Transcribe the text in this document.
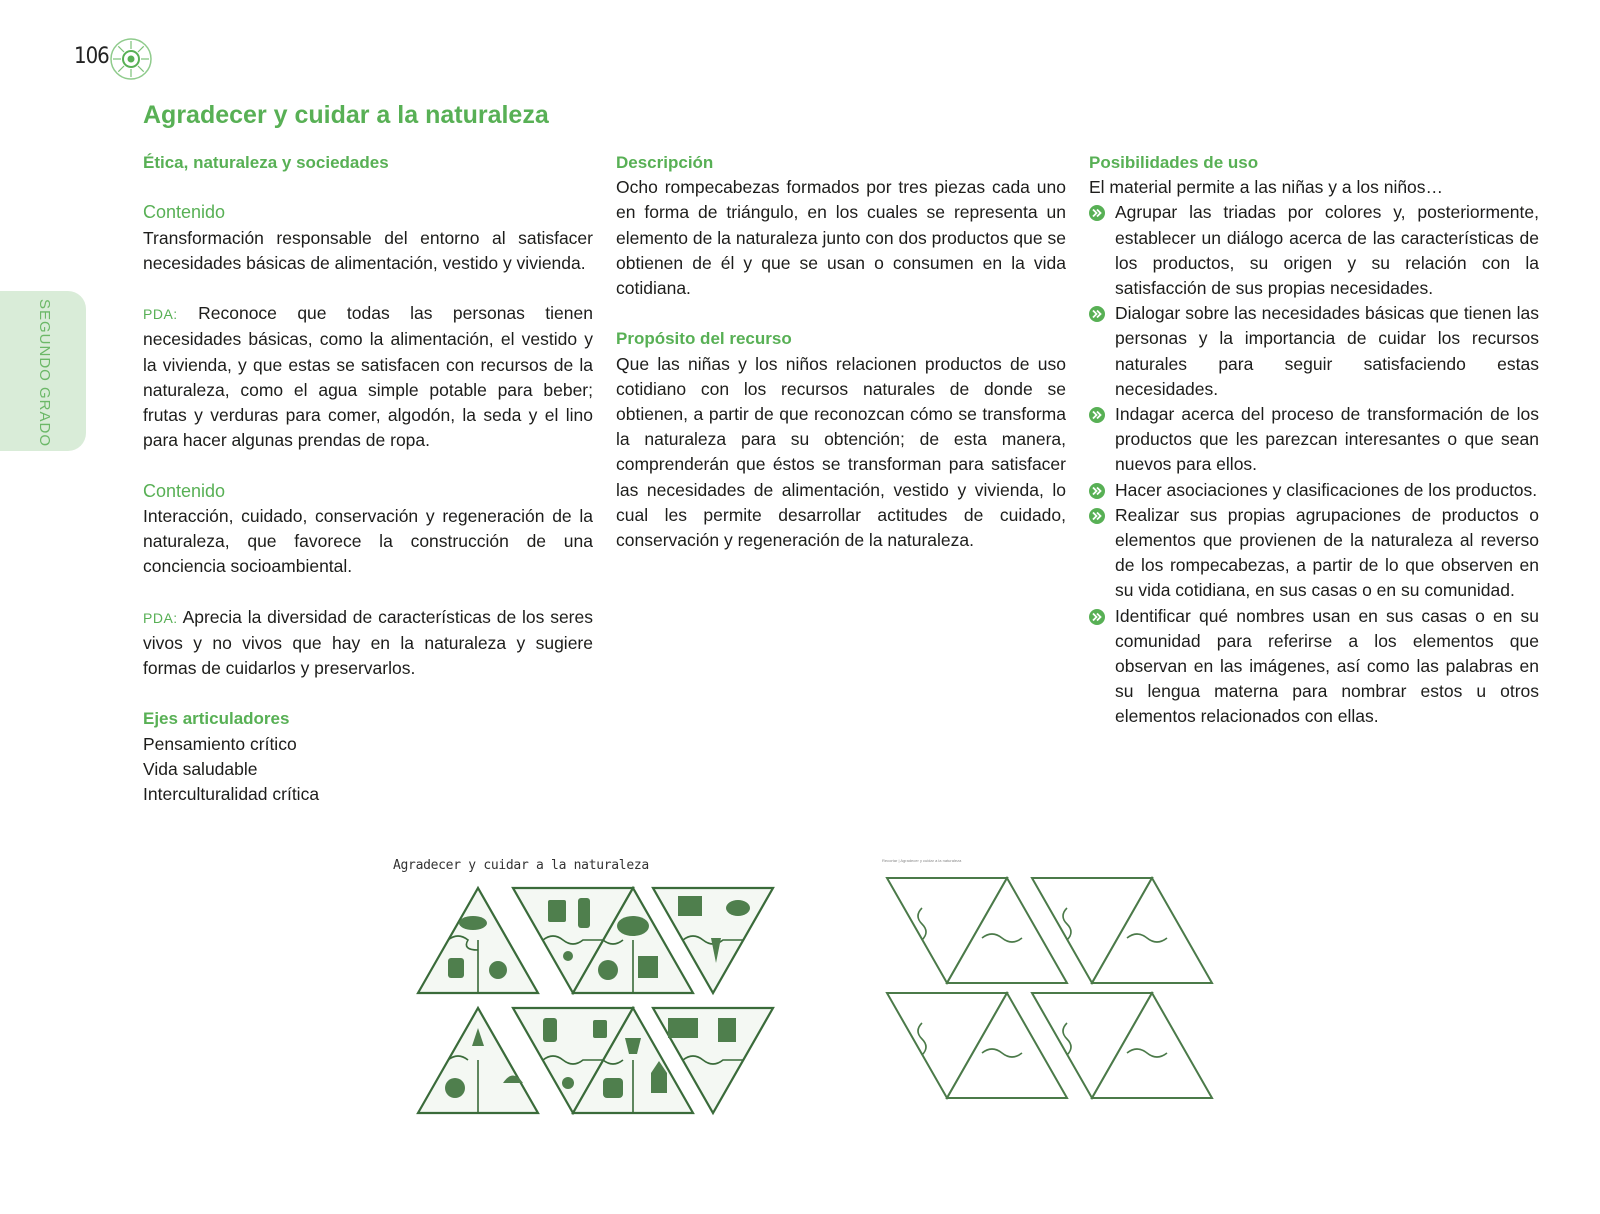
106
SEGUNDO GRADO
Agradecer y cuidar a la naturaleza

Ética, naturaleza y sociedades

Contenido

Transformación responsable del entorno al satisfacer necesidades básicas de alimentación, vestido y vivienda.

PDA: Reconoce que todas las personas tienen necesidades básicas, como la alimentación, el vestido y la vivienda, y que estas se satisfacen con recursos de la naturaleza, como el agua simple potable para beber; frutas y verduras para comer, algodón, la seda y el lino para hacer algunas prendas de ropa.

Contenido

Interacción, cuidado, conservación y regeneración de la naturaleza, que favorece la construcción de una conciencia socioambiental.

PDA: Aprecia la diversidad de características de los seres vivos y no vivos que hay en la naturaleza y sugiere formas de cuidarlos y preservarlos.

Ejes articuladores

Pensamiento crítico

Vida saludable

Interculturalidad crítica

Descripción

Ocho rompecabezas formados por tres piezas cada uno en forma de triángulo, en los cuales se representa un elemento de la naturaleza junto con dos productos que se obtienen de él y que se usan o consumen en la vida cotidiana.

Propósito del recurso

Que las niñas y los niños relacionen productos de uso cotidiano con los recursos naturales de donde se obtienen, a partir de que reconozcan cómo se transforma la naturaleza para su obtención; de esta manera, comprenderán que éstos se transforman para satisfacer las necesidades de alimentación, vestido y vivienda, lo cual les permite desarrollar actitudes de cuidado, conservación y regeneración de la naturaleza.

Posibilidades de uso

El material permite a las niñas y a los niños…

Agrupar las triadas por colores y, posteriormente, establecer un diálogo acerca de las características de los productos, su origen y su relación con la satisfacción de sus propias necesidades.
Dialogar sobre las necesidades básicas que tienen las personas y la importancia de cuidar los recursos naturales para seguir satisfaciendo estas necesidades.
Indagar acerca del proceso de transformación de los productos que les parezcan interesantes o que sean nuevos para ellos.
Hacer asociaciones y clasificaciones de los productos.
Realizar sus propias agrupaciones de productos o elementos que provienen de la naturaleza al reverso de los rompecabezas, a partir de lo que observen en su vida cotidiana, en sus casas o en su comunidad.
Identificar qué nombres usan en sus casas o en su comunidad para referirse a los elementos que observan en las imágenes, así como las palabras en su lengua materna para nombrar estos u otros elementos relacionados con ellas.
Agradecer y cuidar a la naturaleza	Recortar | Agradecer y cuidar a la naturaleza
